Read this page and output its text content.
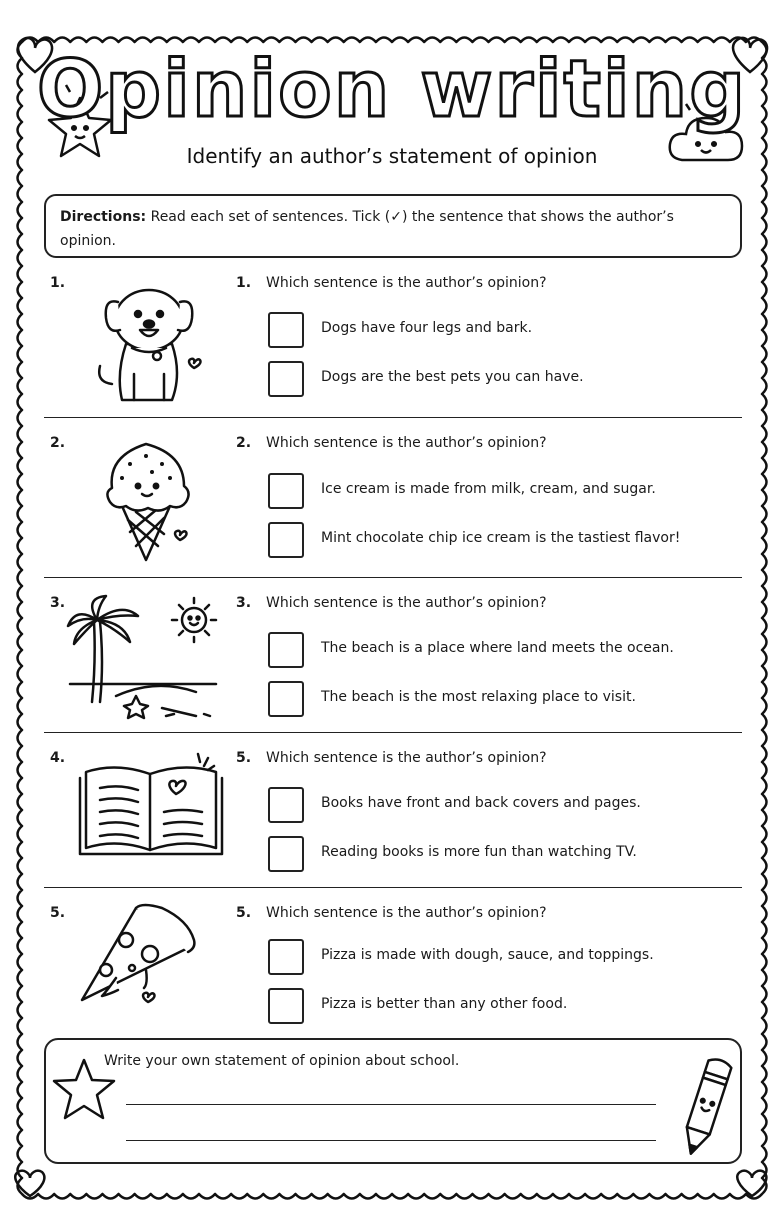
Opinion writing
Identify an author’s statement of opinion
Directions: Read each set of sentences. Tick (✓) the sentence that shows the author’s opinion.
1.	1. Which sentence is the author’s opinion?
Dogs have four legs and bark.
Dogs are the best pets you can have.
2.	2. Which sentence is the author’s opinion?
Ice cream is made from milk, cream, and sugar.
Mint chocolate chip ice cream is the tastiest flavor!
3.	3. Which sentence is the author’s opinion?
The beach is a place where land meets the ocean.
The beach is the most relaxing place to visit.
4.	5. Which sentence is the author’s opinion?
Books have front and back covers and pages.
Reading books is more fun than watching TV.
5.	5. Which sentence is the author’s opinion?
Pizza is made with dough, sauce, and toppings.
Pizza is better than any other food.
Write your own statement of opinion about school.
